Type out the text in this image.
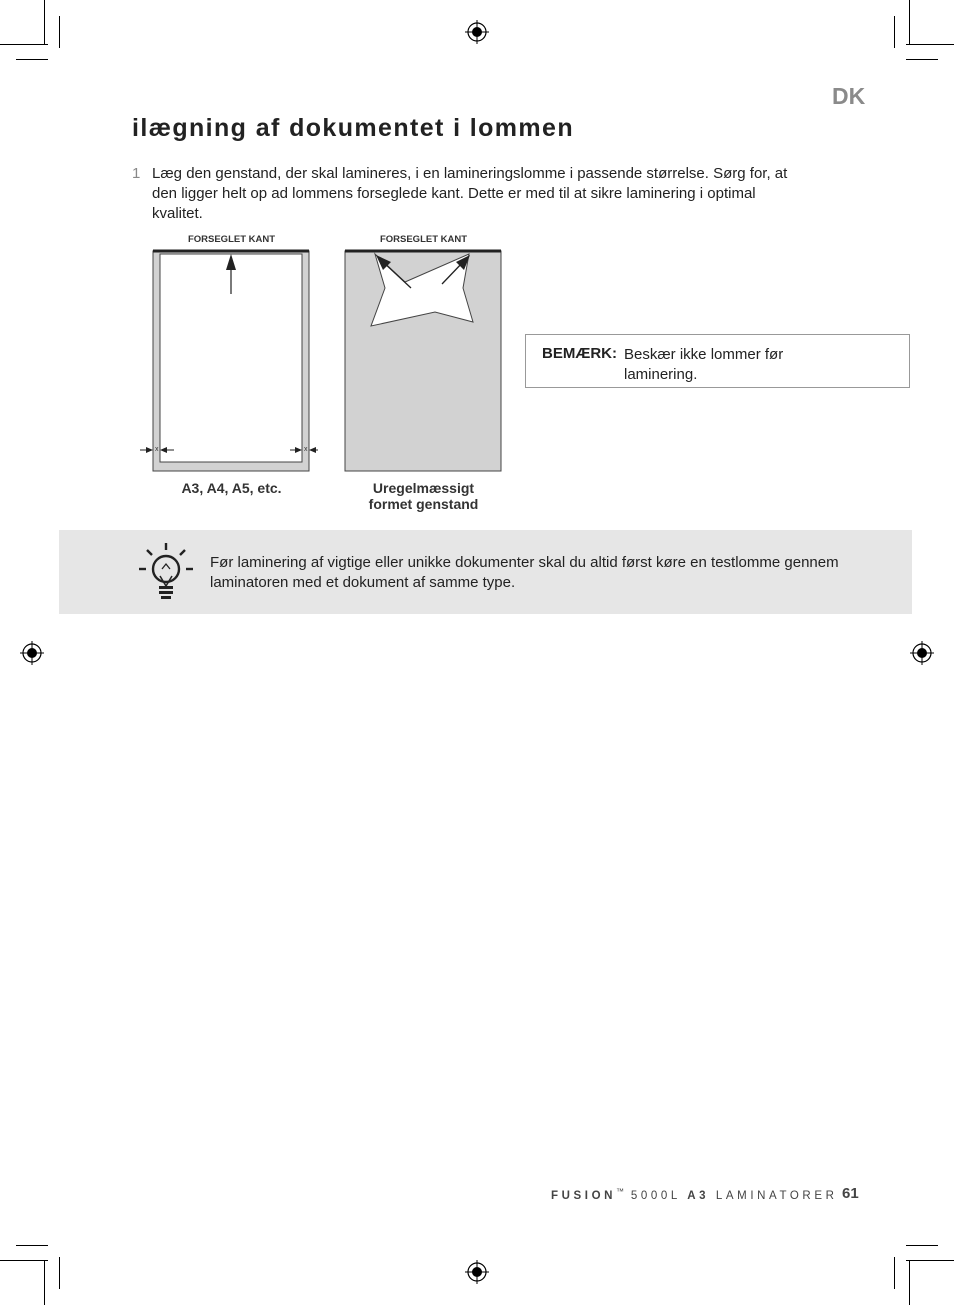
DK
ilægning af dokumentet i lommen
1 Læg den genstand, der skal lamineres, i en lamineringslomme i passende størrelse. Sørg for, at den ligger helt op ad lommens forseglede kant. Dette er med til at sikre laminering i optimal kvalitet.
FORSEGLET KANT
x	x
A3, A4, A5, etc.
FORSEGLET KANT
Uregelmæssigt
formet genstand
BEMÆRK: Beskær ikke lommer før laminering.
Før laminering af vigtige eller unikke dokumenter skal du altid først køre en testlomme gennem laminatoren med et dokument af samme type.
FUSION™ 5000L A3 LAMINATORER 61
